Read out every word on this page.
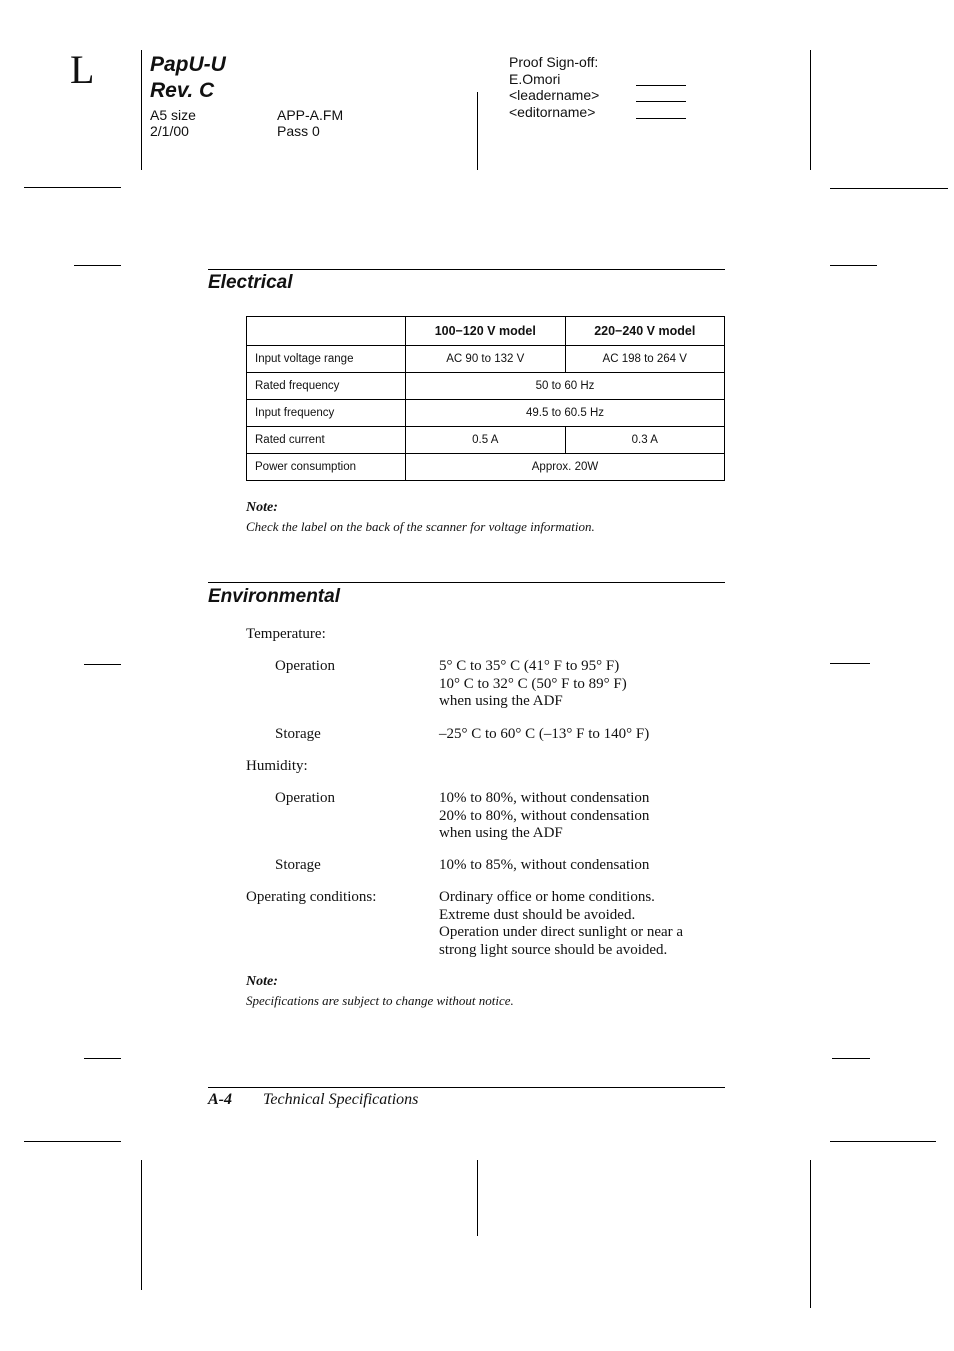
L	PapU-U
Rev. C
A5 size
2/1/00
APP-A.FM
Pass 0
Proof Sign-off:
E.Omori
<leadername>
<editorname>
Electrical
	100−120 V model	220−240 V model
Input voltage range	AC 90 to 132 V	AC 198 to 264 V
Rated frequency	50 to 60 Hz	
Input frequency	49.5 to 60.5 Hz	
Rated current	0.5 A	0.3 A
Power consumption	Approx. 20W	
Note:
Check the label on the back of the scanner for voltage information.
Environmental
Temperature:
Operation	5° C to 35° C (41° F to 95° F)
10° C to 32° C (50° F to 89° F)
when using the ADF
Storage	–25° C to 60° C (–13° F to 140° F)
Humidity:
Operation	10% to 80%, without condensation
20% to 80%, without condensation
when using the ADF
Storage	10% to 85%, without condensation
Operating conditions:	Ordinary office or home conditions.
Extreme dust should be avoided.
Operation under direct sunlight or near a
strong light source should be avoided.
Note:
Specifications are subject to change without notice.
A-4 Technical Specifications
